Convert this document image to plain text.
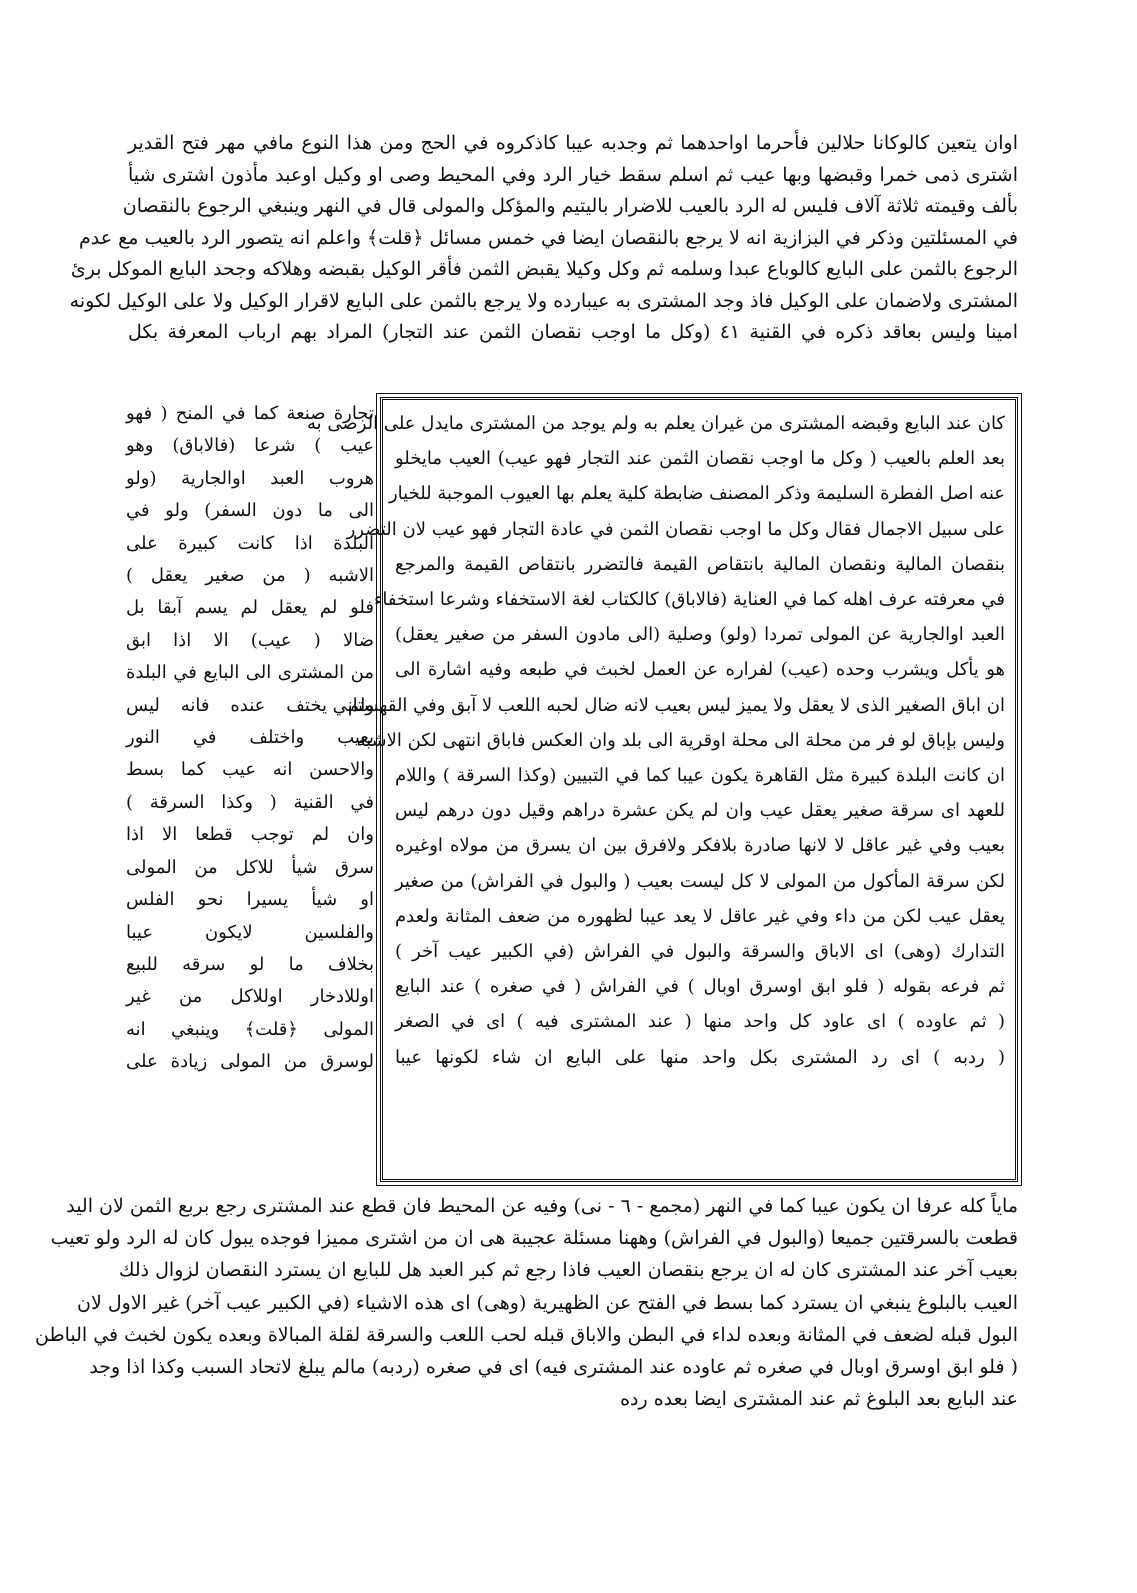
اوان يتعين كالوكانا حلالين فأحرما اواحدهما ثم وجدبه عيبا كاذكروه في الحج ومن هذا النوع مافي مهر فتح القدير
اشترى ذمى خمرا وقبضها وبها عيب ثم اسلم سقط خيار الرد وفي المحيط وصى او وكيل اوعبد مأذون اشترى شيأ
بألف وقيمته ثلاثة آلاف فليس له الرد بالعيب للاضرار باليتيم والمؤكل والمولى قال في النهر وينبغي الرجوع بالنقصان
في المسئلتين وذكر في البزازية انه لا يرجع بالنقصان ايضا في خمس مسائل ﴿قلت﴾ واعلم انه يتصور الرد بالعيب مع عدم
الرجوع بالثمن على البايع كالوباع عبدا وسلمه ثم وكل وكيلا يقبض الثمن فأقر الوكيل بقبضه وهلاكه وجحد البايع الموكل برئ
المشترى ولاضمان على الوكيل فاذ وجد المشترى به عيبارده ولا يرجع بالثمن على البايع لاقرار الوكيل ولا على الوكيل لكونه
امينا وليس بعاقد ذكره في القنية ٤١ (وكل ما اوجب نقصان الثمن عند التجار) المراد بهم ارباب المعرفة بكل
كان عند البايع وقبضه المشترى من غيران يعلم به ولم يوجد من المشترى مايدل على الرضى به
بعد العلم بالعيب ( وكل ما اوجب نقصان الثمن عند التجار فهو عيب) العيب مايخلو
عنه اصل الفطرة السليمة وذكر المصنف ضابطة كلية يعلم بها العيوب الموجبة للخيار
على سبيل الاجمال فقال وكل ما اوجب نقصان الثمن في عادة التجار فهو عيب لان التضرر
بنقصان المالية ونقصان المالية بانتقاص القيمة فالتضرر بانتقاص القيمة والمرجع
في معرفته عرف اهله كما في العناية (فالاباق) كالكتاب لغة الاستخفاء وشرعا استخفاء
العبد اوالجارية عن المولى تمردا (ولو) وصلية (الى مادون السفر من صغير يعقل)
هو يأكل ويشرب وحده (عيب) لفراره عن العمل لخبث في طبعه وفيه اشارة الى
ان اباق الصغير الذى لا يعقل ولا يميز ليس بعيب لانه ضال لحبه اللعب لا آبق وفي القهستاني
وليس بإباق لو فر من محلة الى محلة اوقرية الى بلد وان العكس فاباق انتهى لكن الاشبه
ان كانت البلدة كبيرة مثل القاهرة يكون عيبا كما في التبيين (وكذا السرقة ) واللام
للعهد اى سرقة صغير يعقل عيب وان لم يكن عشرة دراهم وقيل دون درهم ليس
بعيب وفي غير عاقل لا لانها صادرة بلافكر ولافرق بين ان يسرق من مولاه اوغيره
لكن سرقة المأكول من المولى لا كل ليست بعيب ( والبول في الفراش) من صغير
يعقل عيب لكن من داء وفي غير عاقل لا يعد عيبا لظهوره من ضعف المثانة ولعدم
التدارك (وهى) اى الاباق والسرقة والبول في الفراش (في الكبير عيب آخر )
ثم فرعه بقوله ( فلو ابق اوسرق اوبال ) في الفراش ( في صغره ) عند البايع
( ثم عاوده ) اى عاود كل واحد منها ( عند المشترى فيه ) اى في الصغر
( ردبه ) اى رد المشترى بكل واحد منها على البايع ان شاء لكونها عيبا
تجارة صنعة كما في المنح ( فهو
عيب ) شرعا (فالاباق) وهو
هروب العبد اوالجارية (ولو
الى ما دون السفر) ولو في
البلدة اذا كانت كبيرة على
الاشبه ( من صغير يعقل )
فلو لم يعقل لم يسم آبقا بل
ضالا ( عيب) الا اذا ابق
من المشترى الى البايع في البلدة
ولم يختف عنده فانه ليس
بعيب واختلف في النور
والاحسن انه عيب كما بسط
في القنية ( وكذا السرقة )
وان لم توجب قطعا الا اذا
سرق شيأ للاكل من المولى
او شيأ يسيرا نحو الفلس
والفلسين لايكون عيبا
بخلاف ما لو سرقه للبيع
اوللادخار اوللاكل من غير
المولى ﴿قلت﴾ وينبغي انه
لوسرق من المولى زيادة على
ماياً كله عرفا ان يكون عيبا كما في النهر (مجمع - ٦ - نى) وفيه عن المحيط فان قطع عند المشترى رجع بربع الثمن لان اليد
قطعت بالسرقتين جميعا (والبول في الفراش) وههنا مسئلة عجيبة هى ان من اشترى مميزا فوجده يبول كان له الرد ولو تعيب
بعيب آخر عند المشترى كان له ان يرجع بنقصان العيب فاذا رجع ثم كبر العبد هل للبايع ان يسترد النقصان لزوال ذلك
العيب بالبلوغ ينبغي ان يسترد كما بسط في الفتح عن الظهيرية (وهى) اى هذه الاشياء (في الكبير عيب آخر) غير الاول لان
البول قبله لضعف في المثانة وبعده لداء في البطن والاباق قبله لحب اللعب والسرقة لقلة المبالاة وبعده يكون لخبث في الباطن
( فلو ابق اوسرق اوبال في صغره ثم عاوده عند المشترى فيه) اى في صغره (ردبه) مالم يبلغ لاتحاد السبب وكذا اذا وجد
عند البايع بعد البلوغ ثم عند المشترى ايضا بعده رده
